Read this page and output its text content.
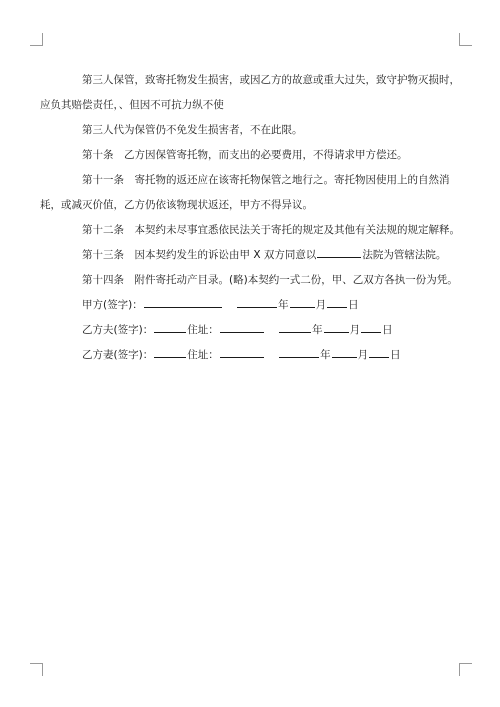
第三人保管，致寄托物发生损害，或因乙方的故意或重大过失，致守护物灭损时，
应负其赔偿责任，、但因不可抗力纵不使
第三人代为保管仍不免发生损害者，不在此限。
第十条　乙方因保管寄托物，而支出的必要费用，不得请求甲方偿还。
第十一条　寄托物的返还应在该寄托物保管之地行之。寄托物因使用上的自然消
耗，或减灭价值，乙方仍依该物现状返还，甲方不得异议。
第十二条　本契约未尽事宜悉依民法关于寄托的规定及其他有关法规的规定解释。
第十三条　因本契约发生的诉讼由甲 X 双方同意以	法院为管辖法院。
第十四条　附件寄托动产目录。(略)本契约一式二份，甲、乙双方各执一份为凭。
甲方(签字)：	年	月 日
乙方夫(签字)：	住址：	年	月 日
乙方妻(签字)：	住址：	年	月 日
